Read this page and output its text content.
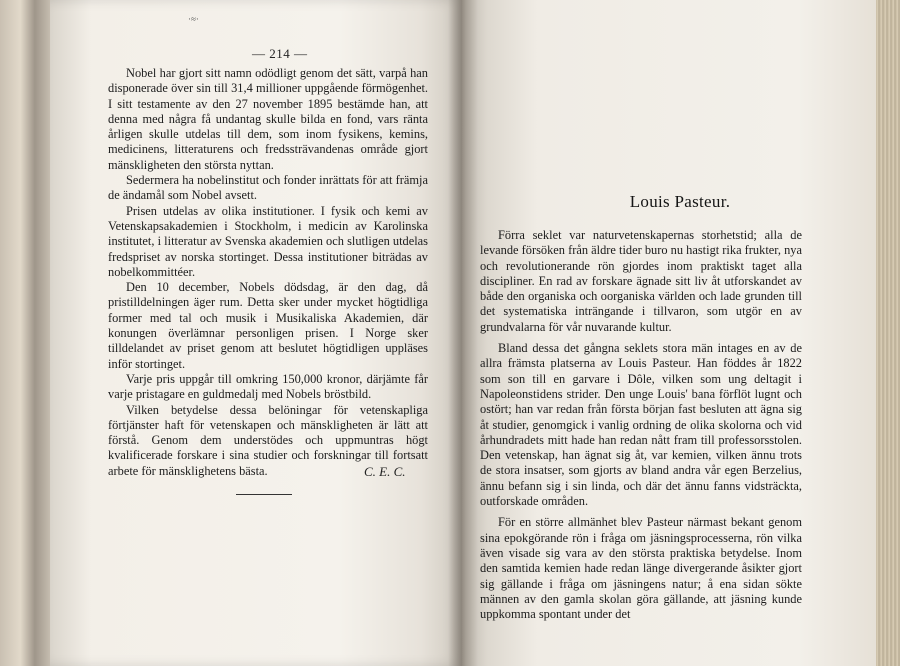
·≈·
— 214 —

Nobel har gjort sitt namn odödligt genom det sätt, varpå han disponerade över sin till 31,4 millioner uppgående förmögenhet. I sitt testamente av den 27 november 1895 bestämde han, att denna med några få undantag skulle bilda en fond, vars ränta årligen skulle utdelas till dem, som inom fysikens, kemins, medicinens, litteraturens och fredssträvandenas område gjort mänskligheten den största nyttan.

Sedermera ha nobelinstitut och fonder inrättats för att främja de ändamål som Nobel avsett.

Prisen utdelas av olika institutioner. I fysik och kemi av Vetenskapsakademien i Stockholm, i medicin av Karolinska institutet, i litteratur av Svenska akademien och slutligen utdelas fredspriset av norska stortinget. Dessa institutioner biträdas av nobelkommittéer.

Den 10 december, Nobels dödsdag, är den dag, då pristilldelningen äger rum. Detta sker under mycket högtidliga former med tal och musik i Musikaliska Akademien, där konungen överlämnar personligen prisen. I Norge sker tilldelandet av priset genom att beslutet högtidligen uppläses inför stortinget.

Varje pris uppgår till omkring 150,000 kronor, därjämte får varje pristagare en guldmedalj med Nobels bröstbild.

Vilken betydelse dessa belöningar för vetenskapliga förtjänster haft för vetenskapen och mänskligheten är lätt att förstå. Genom dem understödes och uppmuntras högt kvalificerade forskare i sina studier och forskningar till fortsatt arbete för mänsklighetens bästa.	C. E. C.
Louis Pasteur.

Förra seklet var naturvetenskapernas storhetstid; alla de levande försöken från äldre tider buro nu hastigt rika frukter, nya och revolutionerande rön gjordes inom praktiskt taget alla discipliner. En rad av forskare ägnade sitt liv åt utforskandet av både den organiska och oorganiska världen och lade grunden till det systematiska inträngande i tillvaron, som utgör en av grundvalarna för vår nuvarande kultur.

Bland dessa det gångna seklets stora män intages en av de allra främsta platserna av Louis Pasteur. Han föddes år 1822 som son till en garvare i Dôle, vilken som ung deltagit i Napoleonstidens strider. Den unge Louis' bana förflöt lugnt och ostört; han var redan från första början fast besluten att ägna sig åt studier, genomgick i vanlig ordning de olika skolorna och vid århundradets mitt hade han redan nått fram till professorsstolen. Den vetenskap, han ägnat sig åt, var kemien, vilken ännu trots de stora insatser, som gjorts av bland andra vår egen Berzelius, ännu befann sig i sin linda, och där det ännu fanns vidsträckta, outforskade områden.

För en större allmänhet blev Pasteur närmast bekant genom sina epokgörande rön i fråga om jäsningsprocesserna, rön vilka även visade sig vara av den största praktiska betydelse. Inom den samtida kemien hade redan länge divergerande åsikter gjort sig gällande i fråga om jäsningens natur; å ena sidan sökte männen av den gamla skolan göra gällande, att jäsning kunde uppkomma spontant under det
